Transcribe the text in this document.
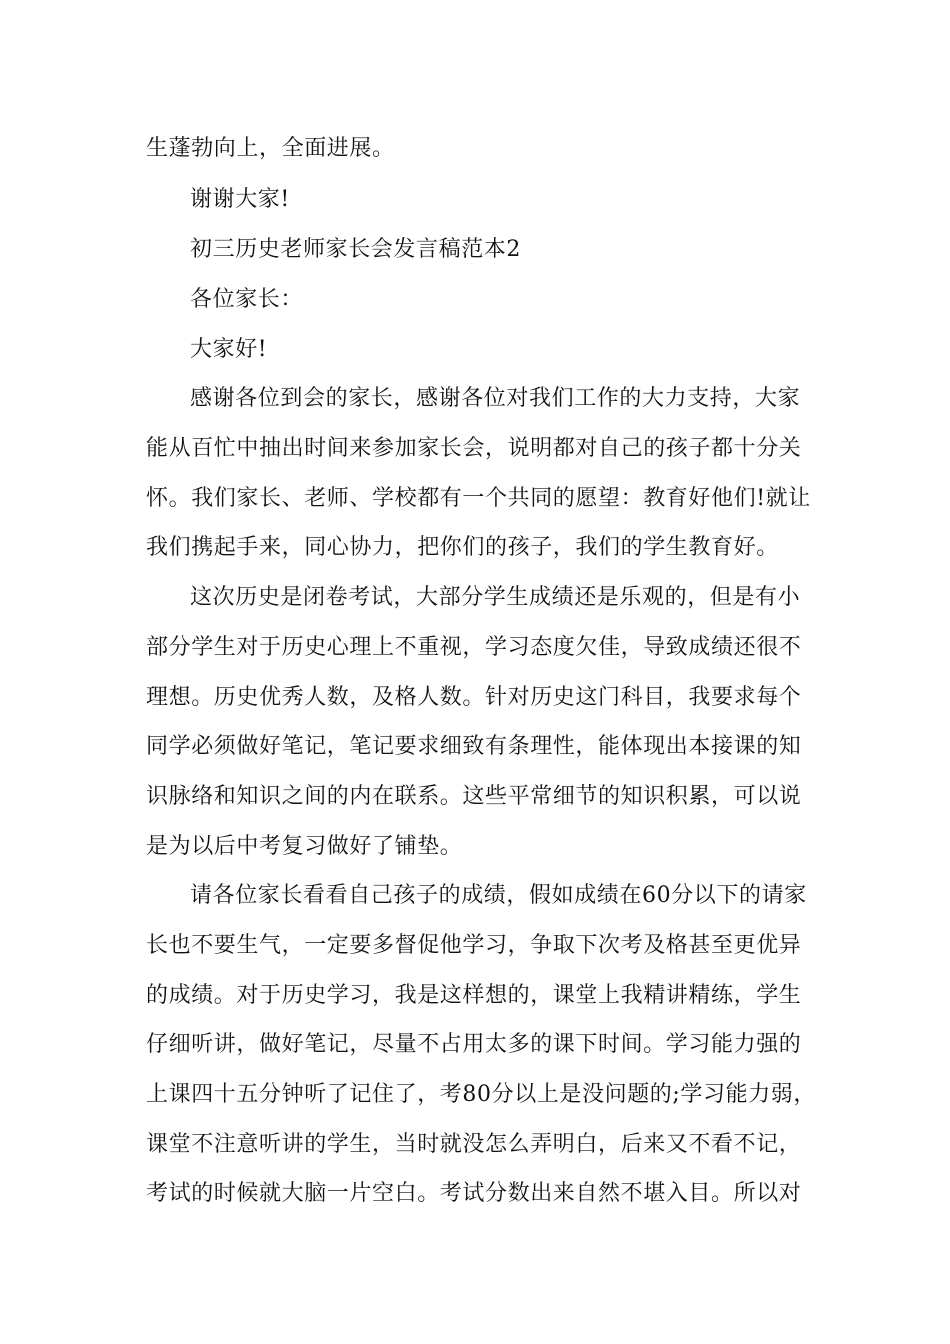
生蓬勃向上，全面进展。
谢谢大家!
初三历史老师家长会发言稿范本2
各位家长：
大家好!
感谢各位到会的家长，感谢各位对我们工作的大力支持，大家
能从百忙中抽出时间来参加家长会，说明都对自己的孩子都十分关
怀。我们家长、老师、学校都有一个共同的愿望：教育好他们!就让
我们携起手来，同心协力，把你们的孩子，我们的学生教育好。
这次历史是闭卷考试，大部分学生成绩还是乐观的，但是有小
部分学生对于历史心理上不重视，学习态度欠佳，导致成绩还很不
理想。历史优秀人数，及格人数。针对历史这门科目，我要求每个
同学必须做好笔记，笔记要求细致有条理性，能体现出本接课的知
识脉络和知识之间的内在联系。这些平常细节的知识积累，可以说
是为以后中考复习做好了铺垫。
请各位家长看看自己孩子的成绩，假如成绩在60分以下的请家
长也不要生气，一定要多督促他学习，争取下次考及格甚至更优异
的成绩。对于历史学习，我是这样想的，课堂上我精讲精练，学生
仔细听讲，做好笔记，尽量不占用太多的课下时间。学习能力强的
上课四十五分钟听了记住了，考80分以上是没问题的;学习能力弱，
课堂不注意听讲的学生，当时就没怎么弄明白，后来又不看不记，
考试的时候就大脑一片空白。考试分数出来自然不堪入目。所以对
